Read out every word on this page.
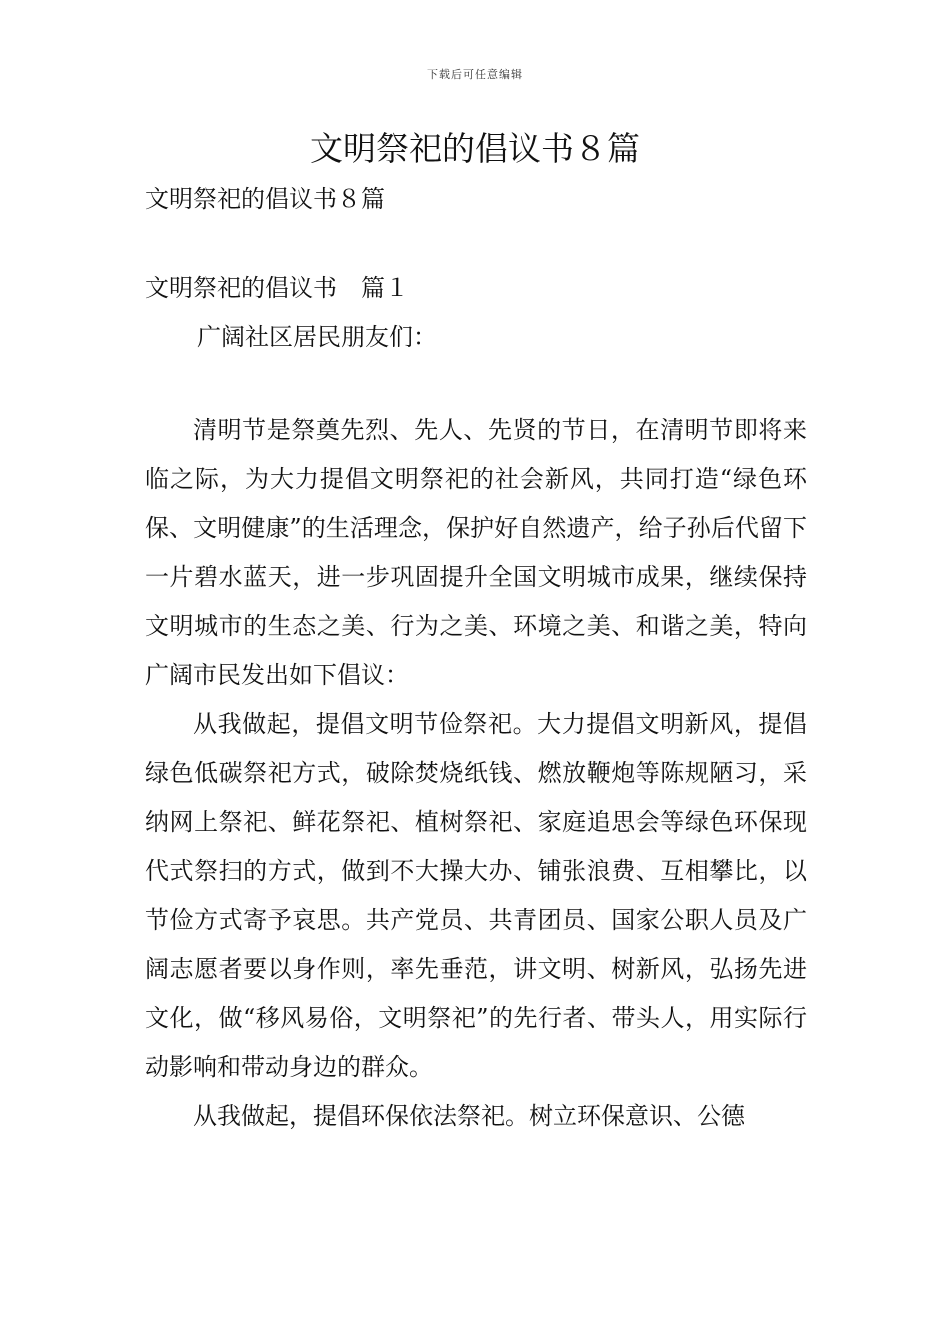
下载后可任意编辑
文明祭祀的倡议书８篇

文明祭祀的倡议书８篇

文明祭祀的倡议书　篇１

广阔社区居民朋友们：

清明节是祭奠先烈、先人、先贤的节日，在清明节即将来临之际，为大力提倡文明祭祀的社会新风，共同打造“绿色环保、文明健康”的生活理念，保护好自然遗产，给子孙后代留下一片碧水蓝天，进一步巩固提升全国文明城市成果，继续保持文明城市的生态之美、行为之美、环境之美、和谐之美，特向广阔市民发出如下倡议：

从我做起，提倡文明节俭祭祀。大力提倡文明新风，提倡绿色低碳祭祀方式，破除焚烧纸钱、燃放鞭炮等陈规陋习，采纳网上祭祀、鲜花祭祀、植树祭祀、家庭追思会等绿色环保现代式祭扫的方式，做到不大操大办、铺张浪费、互相攀比，以节俭方式寄予哀思。共产党员、共青团员、国家公职人员及广阔志愿者要以身作则，率先垂范，讲文明、树新风，弘扬先进文化，做“移风易俗，文明祭祀”的先行者、带头人，用实际行动影响和带动身边的群众。

从我做起，提倡环保依法祭祀。树立环保意识、公德
